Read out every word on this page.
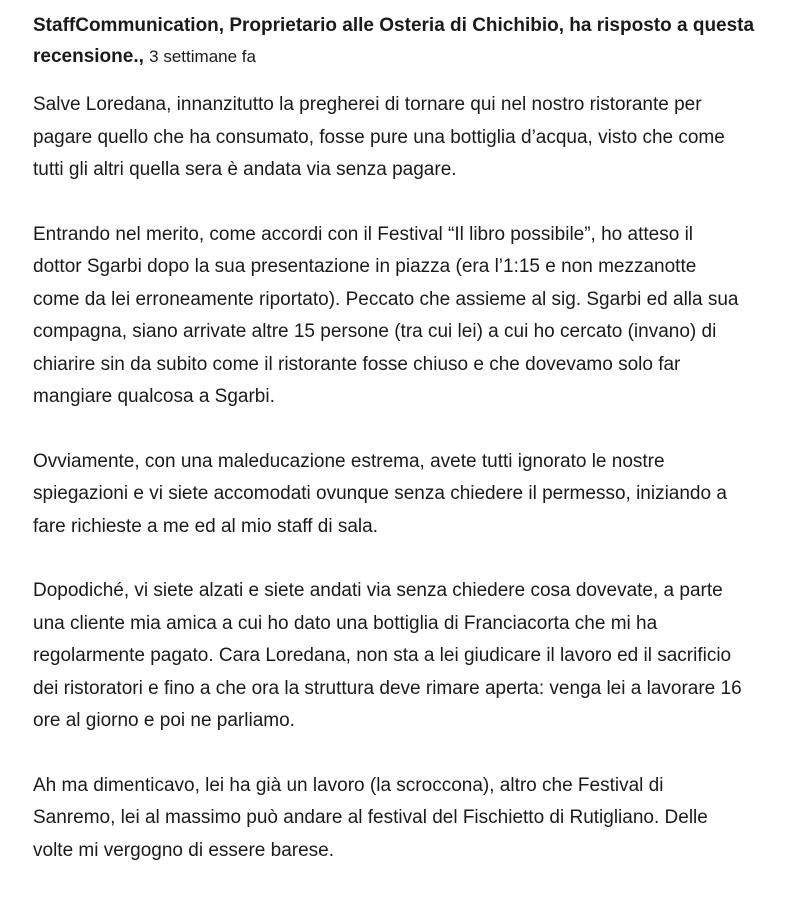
StaffCommunication, Proprietario alle Osteria di Chichibio, ha risposto a questa recensione., 3 settimane fa
Salve Loredana, innanzitutto la pregherei di tornare qui nel nostro ristorante per
pagare quello che ha consumato, fosse pure una bottiglia d’acqua, visto che come
tutti gli altri quella sera è andata via senza pagare.
Entrando nel merito, come accordi con il Festival “Il libro possibile”, ho atteso il
dottor Sgarbi dopo la sua presentazione in piazza (era l’1:15 e non mezzanotte
come da lei erroneamente riportato). Peccato che assieme al sig. Sgarbi ed alla sua
compagna, siano arrivate altre 15 persone (tra cui lei) a cui ho cercato (invano) di
chiarire sin da subito come il ristorante fosse chiuso e che dovevamo solo far
mangiare qualcosa a Sgarbi.
Ovviamente, con una maleducazione estrema, avete tutti ignorato le nostre
spiegazioni e vi siete accomodati ovunque senza chiedere il permesso, iniziando a
fare richieste a me ed al mio staff di sala.
Dopodiché, vi siete alzati e siete andati via senza chiedere cosa dovevate, a parte
una cliente mia amica a cui ho dato una bottiglia di Franciacorta che mi ha
regolarmente pagato. Cara Loredana, non sta a lei giudicare il lavoro ed il sacrificio
dei ristoratori e fino a che ora la struttura deve rimare aperta: venga lei a lavorare 16
ore al giorno e poi ne parliamo.
Ah ma dimenticavo, lei ha già un lavoro (la scroccona), altro che Festival di
Sanremo, lei al massimo può andare al festival del Fischietto di Rutigliano. Delle
volte mi vergogno di essere barese.
